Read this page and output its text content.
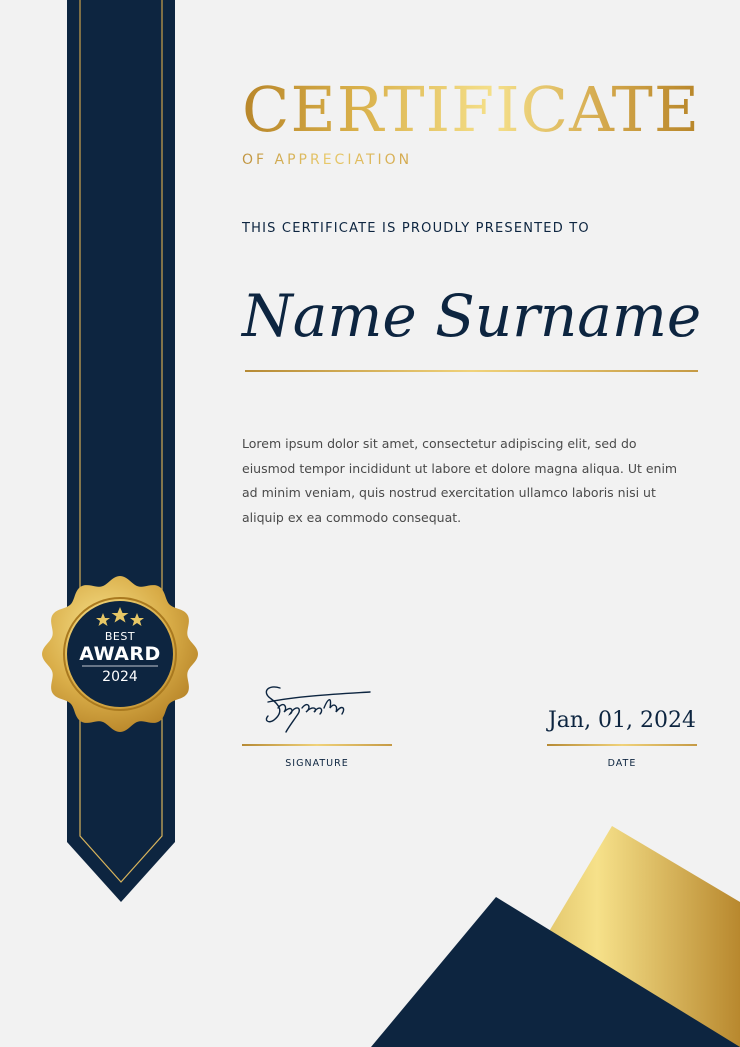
CERTIFICATE
OF APPRECIATION
THIS CERTIFICATE IS PROUDLY PRESENTED TO
Name Surname

Lorem ipsum dolor sit amet, consectetur adipiscing elit, sed do eiusmod tempor incididunt ut labore et dolore magna aliqua. Ut enim ad minim veniam, quis nostrud exercitation ullamco laboris nisi ut aliquip ex ea commodo consequat.

BEST
AWARD
2024
SIGNATURE
Jan, 01, 2024
DATE
